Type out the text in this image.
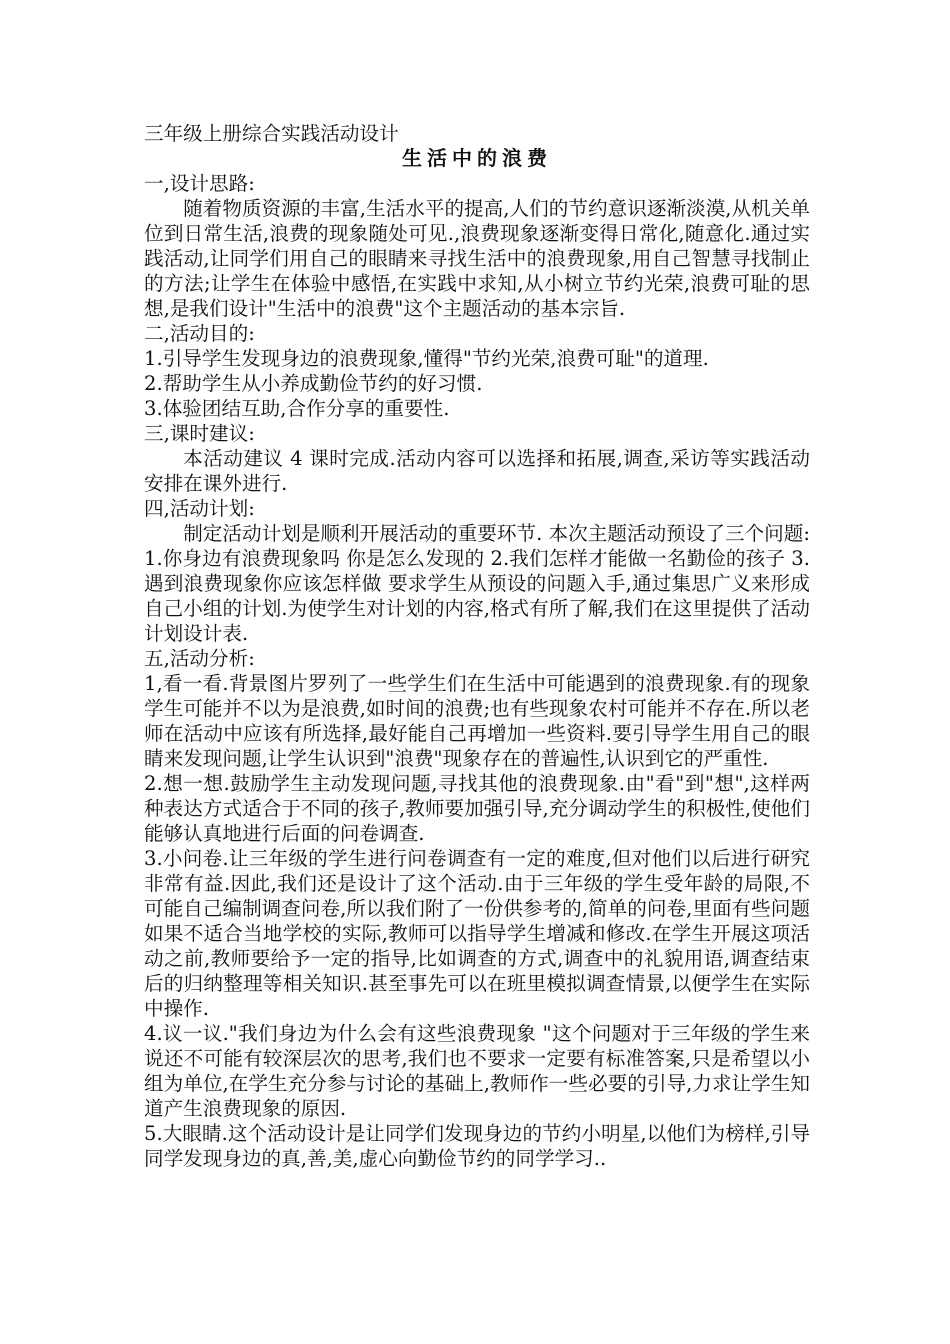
三年级上册综合实践活动设计

生活中的浪费

一,设计思路:

随着物质资源的丰富,生活水平的提高,人们的节约意识逐渐淡漠,从机关单位到日常生活,浪费的现象随处可见.,浪费现象逐渐变得日常化,随意化.通过实践活动,让同学们用自己的眼睛来寻找生活中的浪费现象,用自己智慧寻找制止的方法;让学生在体验中感悟,在实践中求知,从小树立节约光荣,浪费可耻的思想,是我们设计"生活中的浪费"这个主题活动的基本宗旨.

二,活动目的:

1.引导学生发现身边的浪费现象,懂得"节约光荣,浪费可耻"的道理.

2.帮助学生从小养成勤俭节约的好习惯.

3.体验团结互助,合作分享的重要性.

三,课时建议:

本活动建议 4 课时完成.活动内容可以选择和拓展,调查,采访等实践活动安排在课外进行.

四,活动计划:

制定活动计划是顺利开展活动的重要环节. 本次主题活动预设了三个问题:1.你身边有浪费现象吗 你是怎么发现的 2.我们怎样才能做一名勤俭的孩子 3.遇到浪费现象你应该怎样做 要求学生从预设的问题入手,通过集思广义来形成自己小组的计划.为使学生对计划的内容,格式有所了解,我们在这里提供了活动计划设计表.

五,活动分析:

1,看一看.背景图片罗列了一些学生们在生活中可能遇到的浪费现象.有的现象学生可能并不以为是浪费,如时间的浪费;也有些现象农村可能并不存在.所以老师在活动中应该有所选择,最好能自己再增加一些资料.要引导学生用自己的眼睛来发现问题,让学生认识到"浪费"现象存在的普遍性,认识到它的严重性.

2.想一想.鼓励学生主动发现问题,寻找其他的浪费现象.由"看"到"想",这样两种表达方式适合于不同的孩子,教师要加强引导,充分调动学生的积极性,使他们能够认真地进行后面的问卷调查.

3.小问卷.让三年级的学生进行问卷调查有一定的难度,但对他们以后进行研究非常有益.因此,我们还是设计了这个活动.由于三年级的学生受年龄的局限,不可能自己编制调查问卷,所以我们附了一份供参考的,简单的问卷,里面有些问题如果不适合当地学校的实际,教师可以指导学生增减和修改.在学生开展这项活动之前,教师要给予一定的指导,比如调查的方式,调查中的礼貌用语,调查结束后的归纳整理等相关知识.甚至事先可以在班里模拟调查情景,以便学生在实际中操作.

4.议一议."我们身边为什么会有这些浪费现象 "这个问题对于三年级的学生来说还不可能有较深层次的思考,我们也不要求一定要有标准答案,只是希望以小组为单位,在学生充分参与讨论的基础上,教师作一些必要的引导,力求让学生知道产生浪费现象的原因.

5.大眼睛.这个活动设计是让同学们发现身边的节约小明星,以他们为榜样,引导同学发现身边的真,善,美,虚心向勤俭节约的同学学习..
